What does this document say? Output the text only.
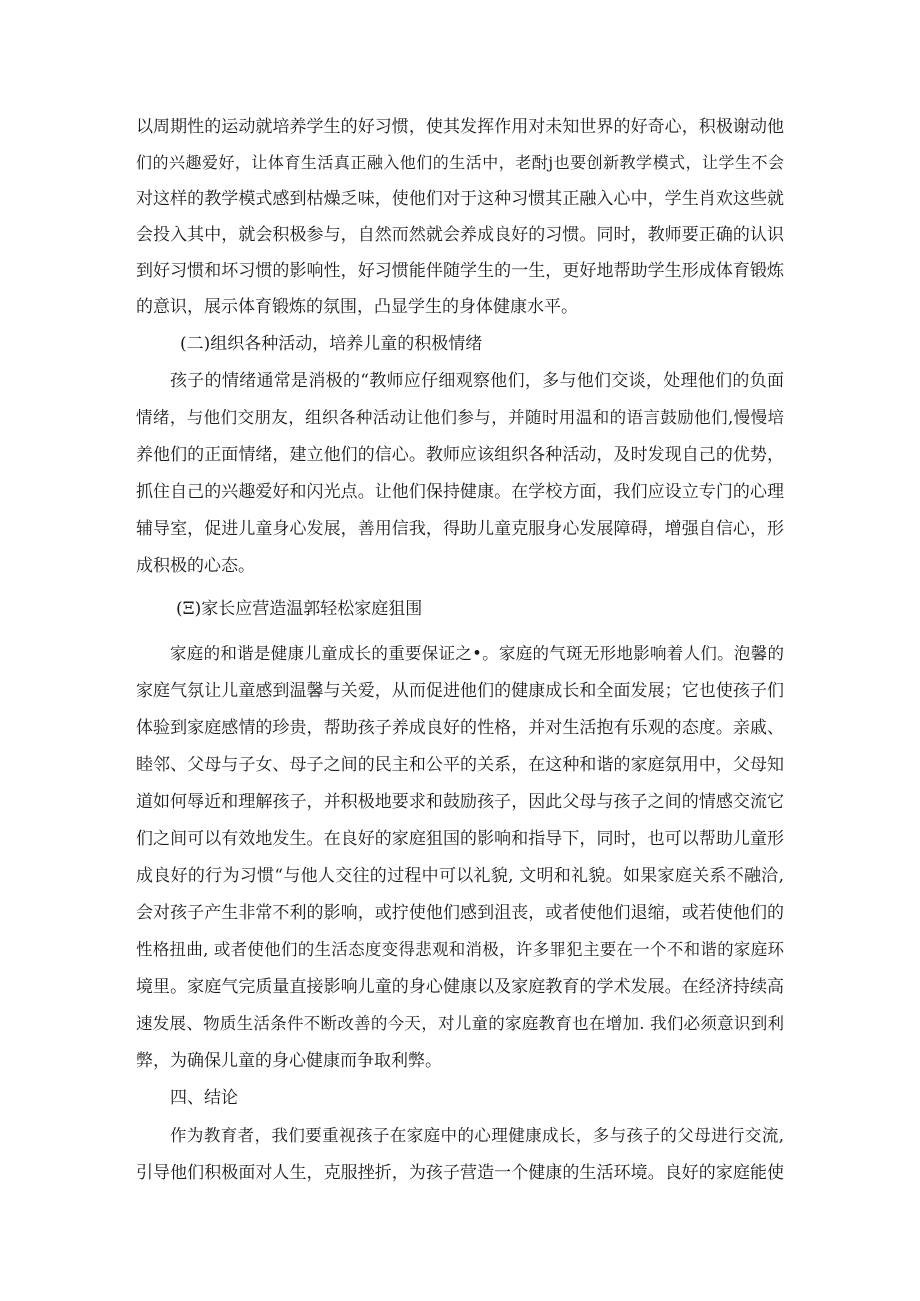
以周期性的运动就培养学生的好习惯，使其发挥作用对未知世界的好奇心，积极谢动他
们的兴趣爱好，让体育生活真正融入他们的生活中，老酎j也要创新教学模式，让学生不会
对这样的教学模式感到枯燥乏味，使他们对于这种习惯其正融入心中，学生肖欢这些就
会投入其中，就会积极参与，自然而然就会养成良好的习惯。同时，教师要正确的认识
到好习惯和坏习惯的影响性，好习惯能伴随学生的一生，更好地帮助学生形成体育锻炼
的意识，展示体育锻炼的氛围，凸显学生的身体健康水平。
(二)组织各种活动，培养儿童的积极情绪
孩子的情绪通常是消极的“教师应仔细观察他们，多与他们交谈，处理他们的负面
情绪，与他们交朋友，组织各种活动让他们参与，并随时用温和的语言鼓励他们,慢慢培
养他们的正面情绪，建立他们的信心。教师应该组织各种活动，及时发现自己的优势，
抓住自己的兴趣爱好和闪光点。让他们保持健康。在学校方面，我们应设立专门的心理
辅导室，促进儿童身心发展，善用信我，得助儿童克服身心发展障碍，增强自信心，形
成积极的心态。
(Ξ)家长应营造温郭轻松家庭狙围
家庭的和谐是健康儿童成长的重要保证之•。家庭的气斑无形地影响着人们。泡馨的
家庭气氛让儿童感到温馨与关爱，从而促进他们的健康成长和全面发展；它也使孩子们
体验到家庭感情的珍贵，帮助孩子养成良好的性格，并对生活抱有乐观的态度。亲戚、
睦邻、父母与子女、母子之间的民主和公平的关系，在这种和谐的家庭氛用中，父母知
道如何辱近和理解孩子，并积极地要求和鼓励孩子，因此父母与孩子之间的情感交流它
们之间可以有效地发生。在良好的家庭狙国的影响和指导下，同时，也可以帮助儿童形
成良好的行为习惯“与他人交往的过程中可以礼貌, 文明和礼貌。如果家庭关系不融洽,
会对孩子产生非常不利的影响，或拧使他们感到沮丧，或者使他们退缩，或若使他们的
性格扭曲, 或者使他们的生活态度变得悲观和消极，许多罪犯主要在一个不和谐的家庭环
境里。家庭气完质量直接影响儿童的身心健康以及家庭教育的学术发展。在经济持续高
速发展、物质生活条件不断改善的今天，对儿童的家庭教育也在增加. 我们必须意识到利
弊，为确保儿童的身心健康而争取利弊。
四、结论
作为教育者，我们要重视孩子在家庭中的心理健康成长，多与孩子的父母进行交流,
引导他们积极面对人生，克服挫折，为孩子营造一个健康的生活环境。良好的家庭能使
